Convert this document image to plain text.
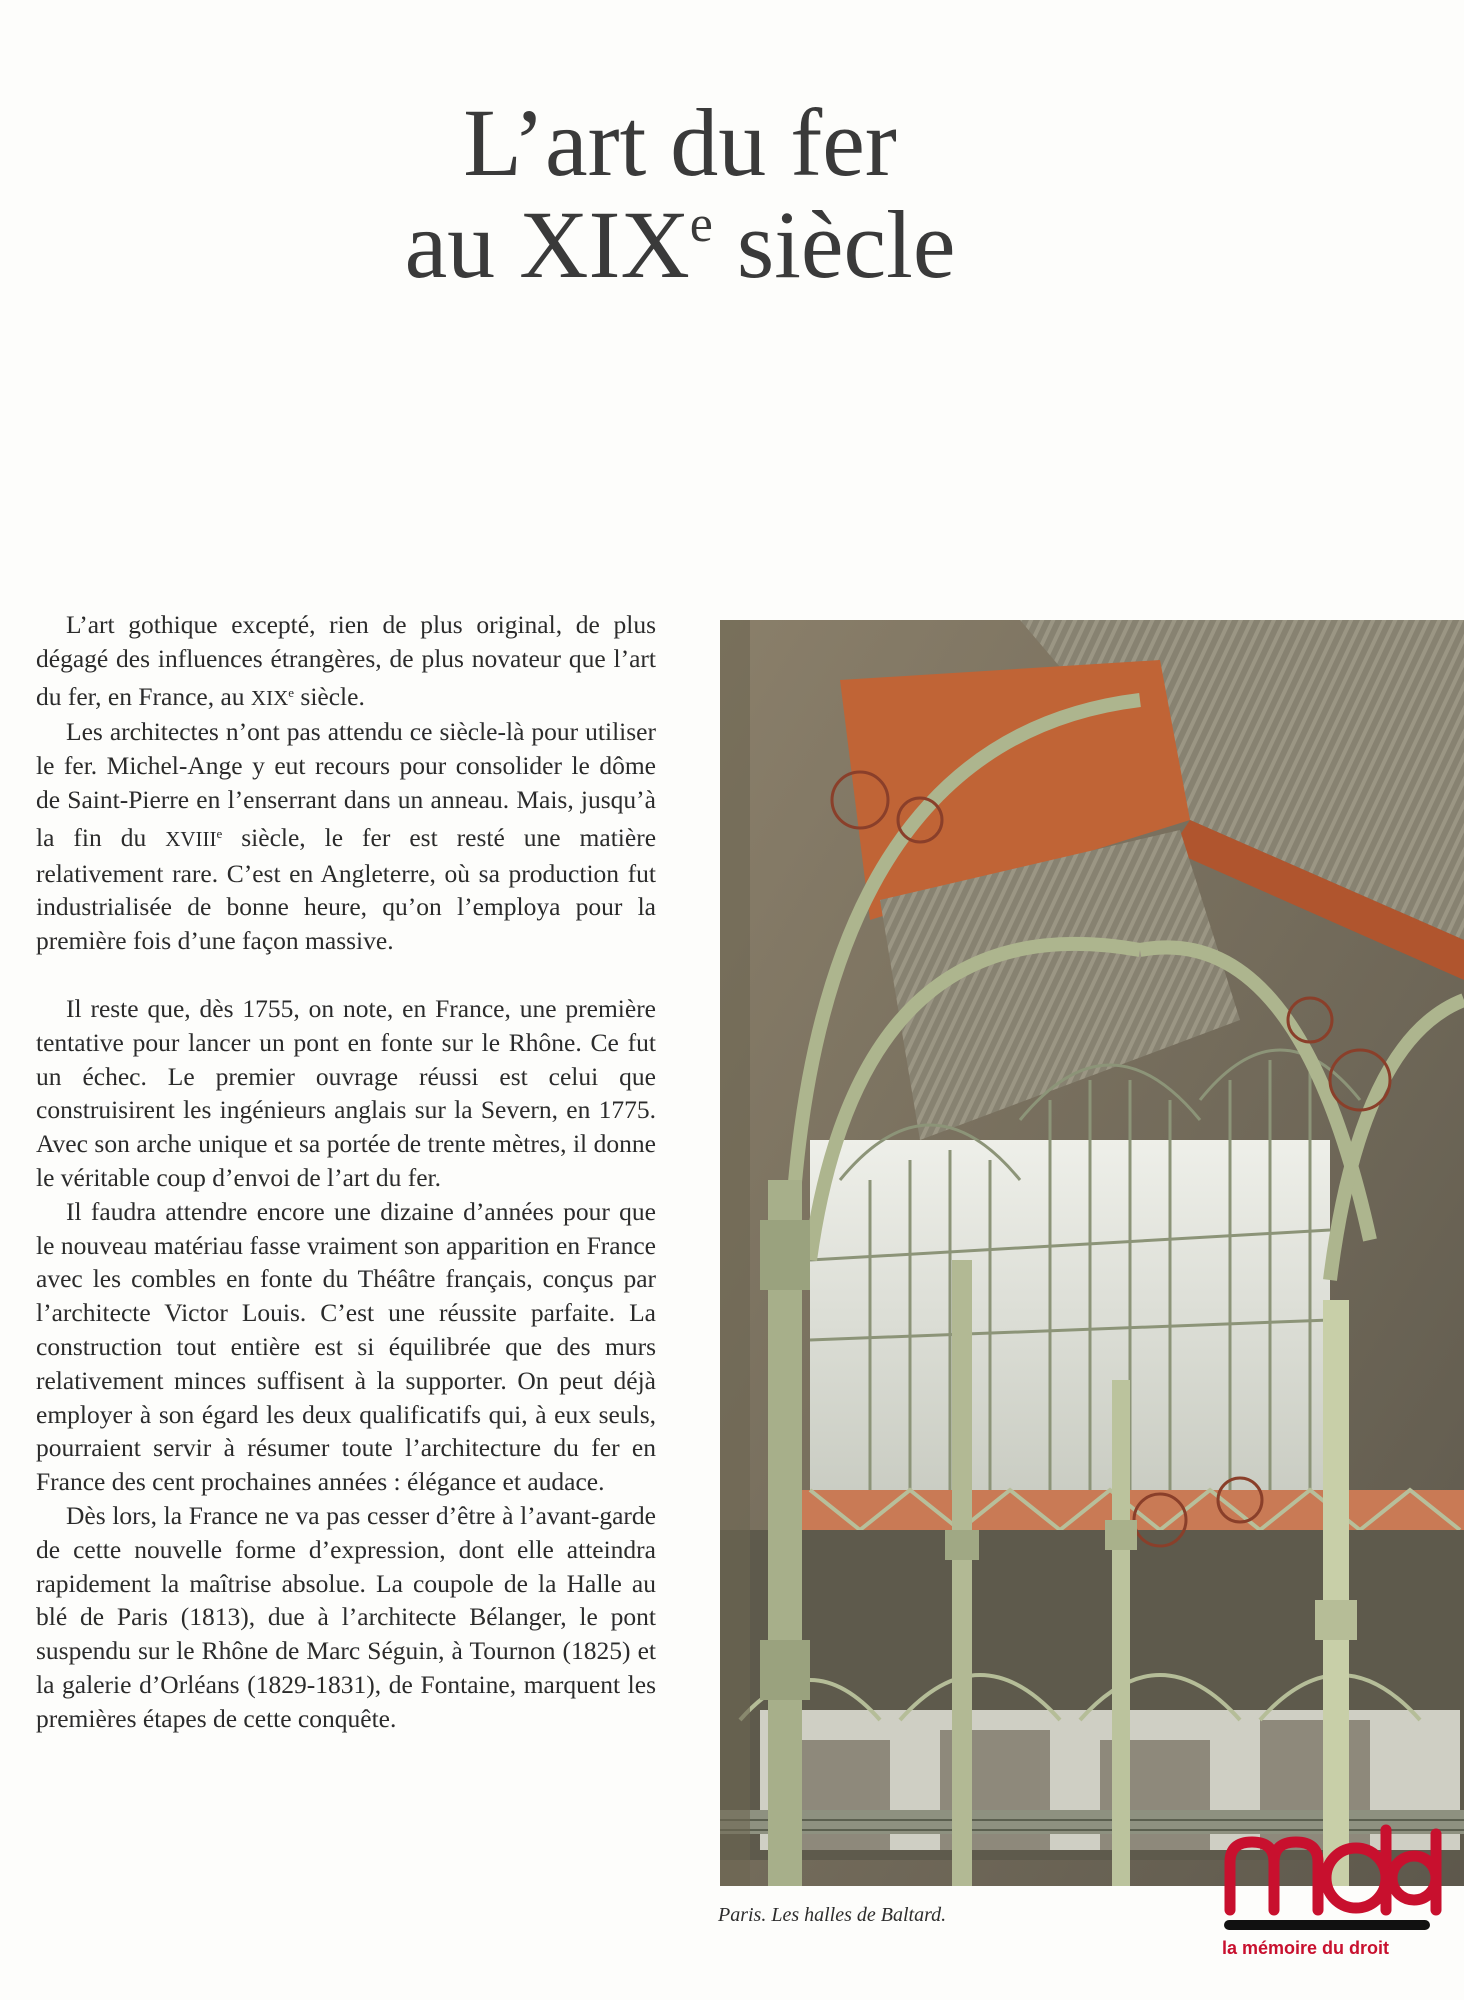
L’art du fer
au XIXe siècle

L’art gothique excepté, rien de plus original, de plus dégagé des influences étrangères, de plus novateur que l’art du fer, en France, au XIXe siècle.

Les architectes n’ont pas attendu ce siècle-là pour utiliser le fer. Michel-Ange y eut recours pour consolider le dôme de Saint-Pierre en l’enserrant dans un anneau. Mais, jusqu’à la fin du XVIIIe siècle, le fer est resté une matière relativement rare. C’est en Angleterre, où sa production fut industrialisée de bonne heure, qu’on l’employa pour la première fois d’une façon massive.

Il reste que, dès 1755, on note, en France, une première tentative pour lancer un pont en fonte sur le Rhône. Ce fut un échec. Le premier ouvrage réussi est celui que construisirent les ingénieurs anglais sur la Severn, en 1775. Avec son arche unique et sa portée de trente mètres, il donne le véritable coup d’envoi de l’art du fer.

Il faudra attendre encore une dizaine d’années pour que le nouveau matériau fasse vraiment son apparition en France avec les combles en fonte du Théâtre français, conçus par l’architecte Victor Louis. C’est une réussite parfaite. La construction tout entière est si équilibrée que des murs relativement minces suffisent à la supporter. On peut déjà employer à son égard les deux qualificatifs qui, à eux seuls, pourraient servir à résumer toute l’architecture du fer en France des cent prochaines années : élégance et audace.

Dès lors, la France ne va pas cesser d’être à l’avant-garde de cette nouvelle forme d’expression, dont elle atteindra rapidement la maîtrise absolue. La coupole de la Halle au blé de Paris (1813), due à l’architecte Bélanger, le pont suspendu sur le Rhône de Marc Séguin, à Tournon (1825) et la galerie d’Orléans (1829-1831), de Fontaine, marquent les premières étapes de cette conquête.

Paris. Les halles de Baltard.
la mémoire du droit
